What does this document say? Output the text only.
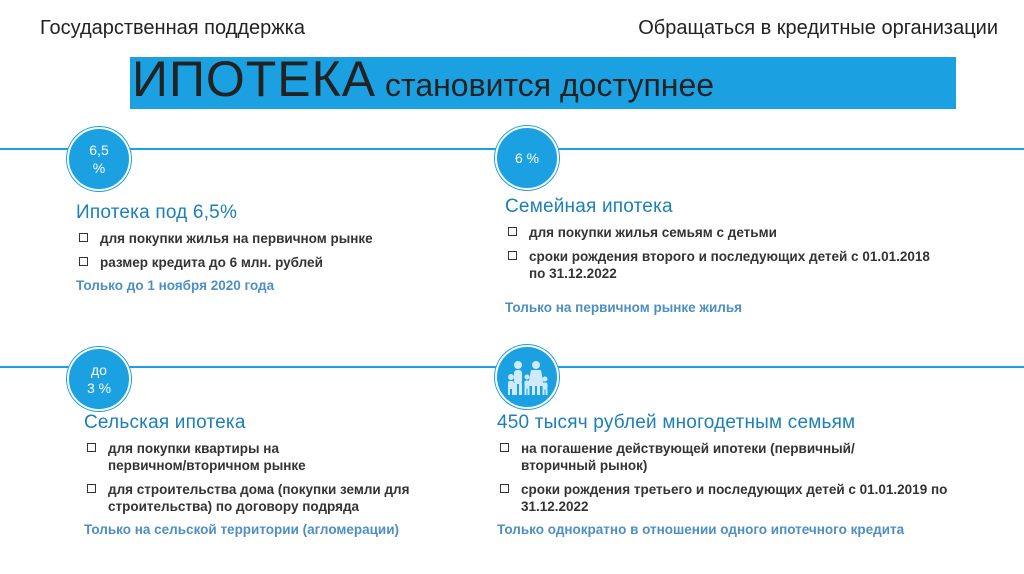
Государственная поддержка	Обращаться в кредитные организации
ИПОТЕКА становится доступнее
6,5
%
6 %
до
3 %
Ипотека под 6,5%
для покупки жилья на первичном рынке
размер кредита до 6 млн. рублей
Только до 1 ноября 2020 года
Семейная ипотека
для покупки жилья семьям с детьми
сроки рождения второго и последующих детей с 01.01.2018 по 31.12.2022
Только на первичном рынке жилья
Сельская ипотека
для покупки квартиры на первичном/вторичном рынке
для строительства дома (покупки земли для строительства) по договору подряда
Только на сельской территории (агломерации)
450 тысяч рублей многодетным семьям
на погашение действующей ипотеки (первичный/вторичный рынок)
сроки рождения третьего и последующих детей с 01.01.2019 по 31.12.2022
Только однократно в отношении одного ипотечного кредита
